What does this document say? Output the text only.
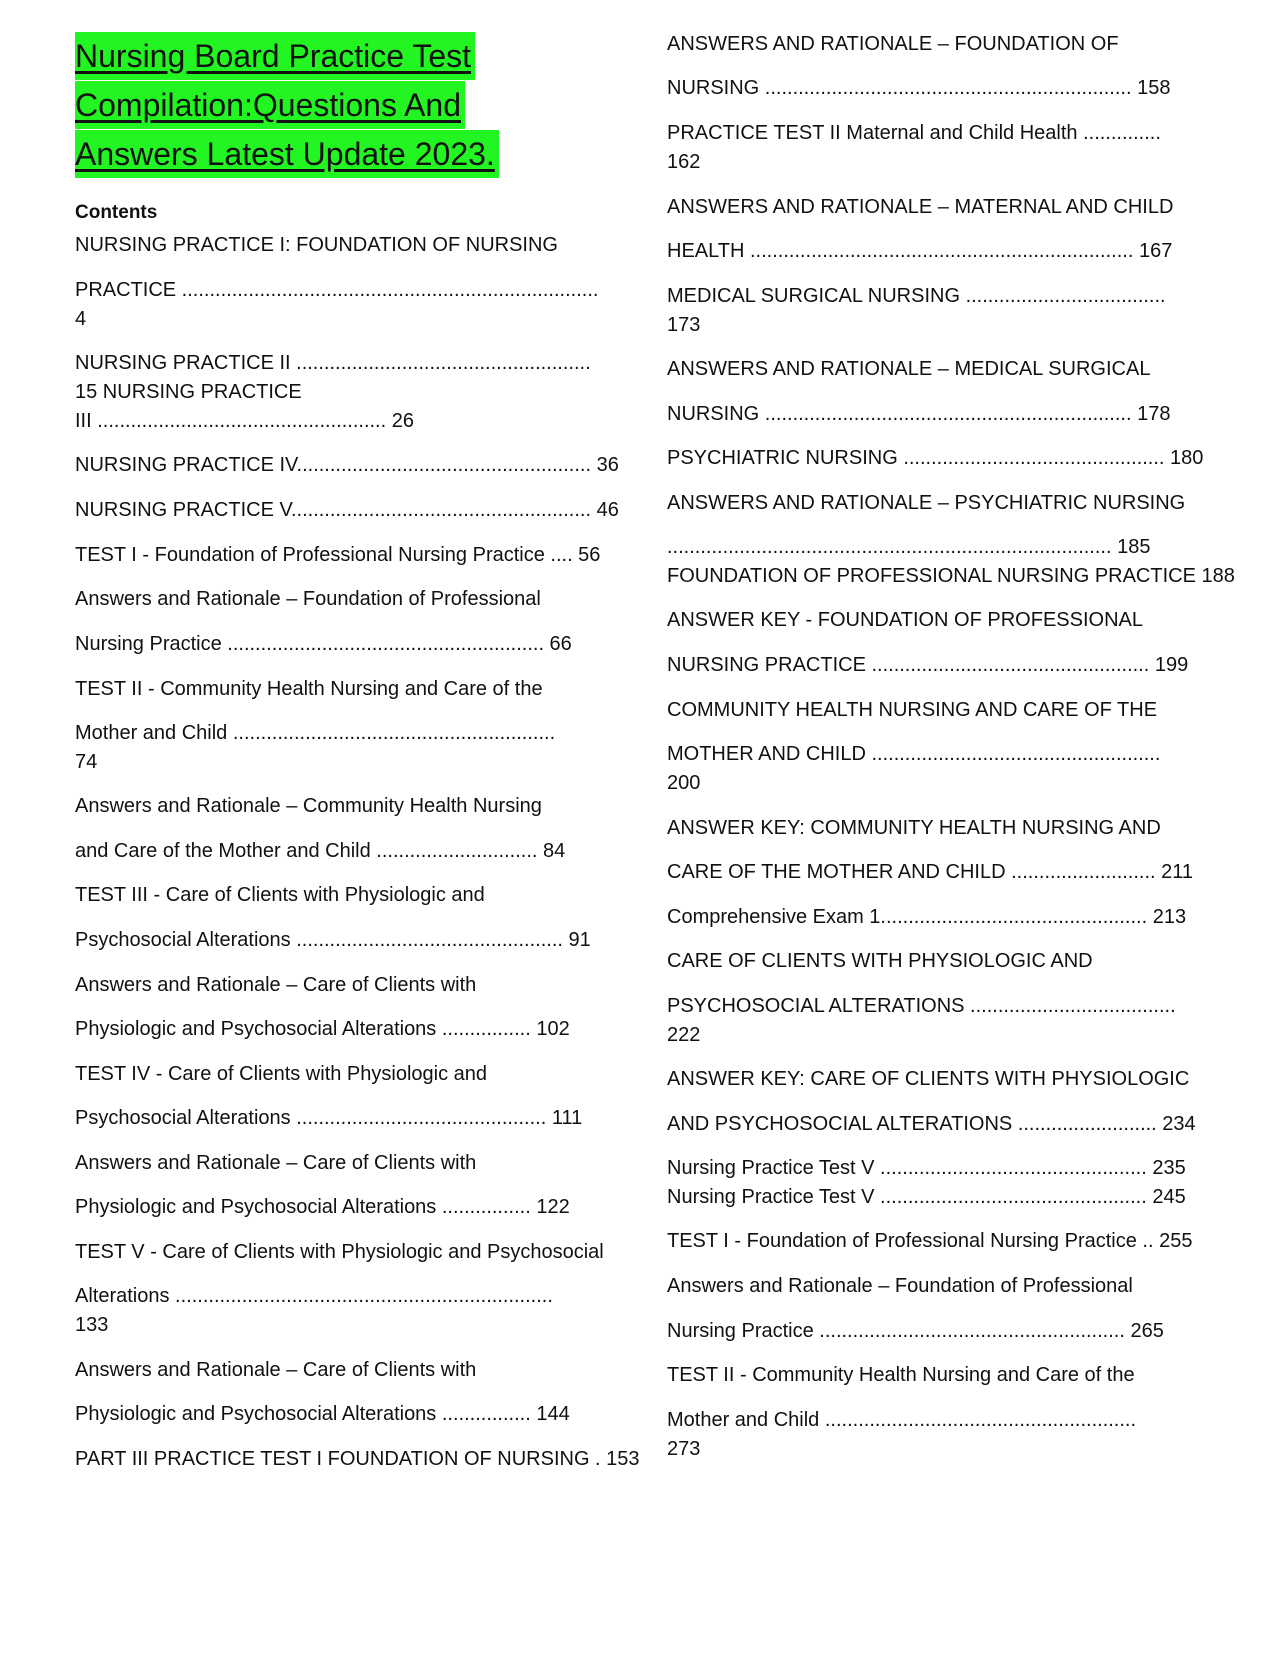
Nursing Board Practice Test
Compilation:Questions And
Answers Latest Update 2023.
Contents
NURSING PRACTICE I: FOUNDATION OF NURSING
PRACTICE ...........................................................................
4
NURSING PRACTICE II .....................................................
15 NURSING PRACTICE
III .................................................... 26
NURSING PRACTICE IV..................................................... 36
NURSING PRACTICE V...................................................... 46
TEST I - Foundation of Professional Nursing Practice .... 56
Answers and Rationale – Foundation of Professional
Nursing Practice ......................................................... 66
TEST II - Community Health Nursing and Care of the
Mother and Child ..........................................................
74
Answers and Rationale – Community Health Nursing
and Care of the Mother and Child ............................. 84
TEST III - Care of Clients with Physiologic and
Psychosocial Alterations ................................................ 91
Answers and Rationale – Care of Clients with
Physiologic and Psychosocial Alterations ................ 102
TEST IV - Care of Clients with Physiologic and
Psychosocial Alterations ............................................. 111
Answers and Rationale – Care of Clients with
Physiologic and Psychosocial Alterations ................ 122
TEST V - Care of Clients with Physiologic and Psychosocial
Alterations ....................................................................
133
Answers and Rationale – Care of Clients with
Physiologic and Psychosocial Alterations ................ 144
PART III PRACTICE TEST I FOUNDATION OF NURSING . 153
ANSWERS AND RATIONALE – FOUNDATION OF
NURSING .................................................................. 158
PRACTICE TEST II Maternal and Child Health ..............
162
ANSWERS AND RATIONALE – MATERNAL AND CHILD
HEALTH ..................................................................... 167
MEDICAL SURGICAL NURSING ....................................
173
ANSWERS AND RATIONALE – MEDICAL SURGICAL
NURSING .................................................................. 178
PSYCHIATRIC NURSING ............................................... 180
ANSWERS AND RATIONALE – PSYCHIATRIC NURSING
................................................................................ 185
FOUNDATION OF PROFESSIONAL NURSING PRACTICE 188
ANSWER KEY - FOUNDATION OF PROFESSIONAL
NURSING PRACTICE .................................................. 199
COMMUNITY HEALTH NURSING AND CARE OF THE
MOTHER AND CHILD ....................................................
200
ANSWER KEY: COMMUNITY HEALTH NURSING AND
CARE OF THE MOTHER AND CHILD .......................... 211
Comprehensive Exam 1................................................ 213
CARE OF CLIENTS WITH PHYSIOLOGIC AND
PSYCHOSOCIAL ALTERATIONS .....................................
222
ANSWER KEY: CARE OF CLIENTS WITH PHYSIOLOGIC
AND PSYCHOSOCIAL ALTERATIONS ......................... 234
Nursing Practice Test V ................................................ 235
Nursing Practice Test V ................................................ 245
TEST I - Foundation of Professional Nursing Practice .. 255
Answers and Rationale – Foundation of Professional
Nursing Practice ....................................................... 265
TEST II - Community Health Nursing and Care of the
Mother and Child ........................................................
273
